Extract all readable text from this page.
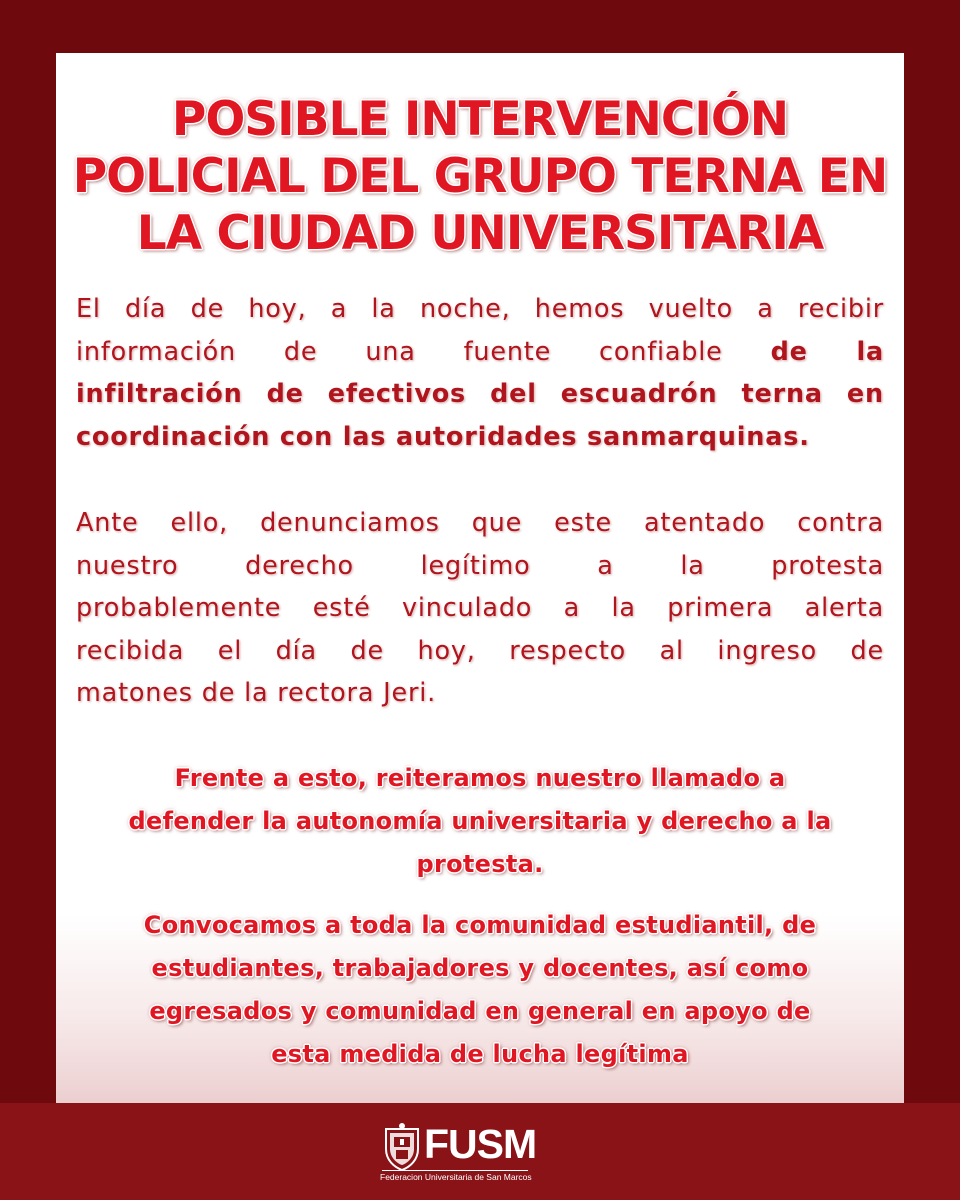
POSIBLE INTERVENCIÓN
POLICIAL DEL GRUPO TERNA EN
LA CIUDAD UNIVERSITARIA

El día de hoy, a la noche, hemos vuelto a recibir
información de una fuente confiable de la
infiltración de efectivos del escuadrón terna en
coordinación con las autoridades sanmarquinas.

Ante ello, denunciamos que este atentado contra
nuestro derecho legítimo a la protesta
probablemente esté vinculado a la primera alerta
recibida el día de hoy, respecto al ingreso de
matones de la rectora Jeri.

Frente a esto, reiteramos nuestro llamado a
defender la autonomía universitaria y derecho a la
protesta.

Convocamos a toda la comunidad estudiantil, de
estudiantes, trabajadores y docentes, así como
egresados y comunidad en general en apoyo de
esta medida de lucha legítima

FUSM
Federacion Universitaria de San Marcos
